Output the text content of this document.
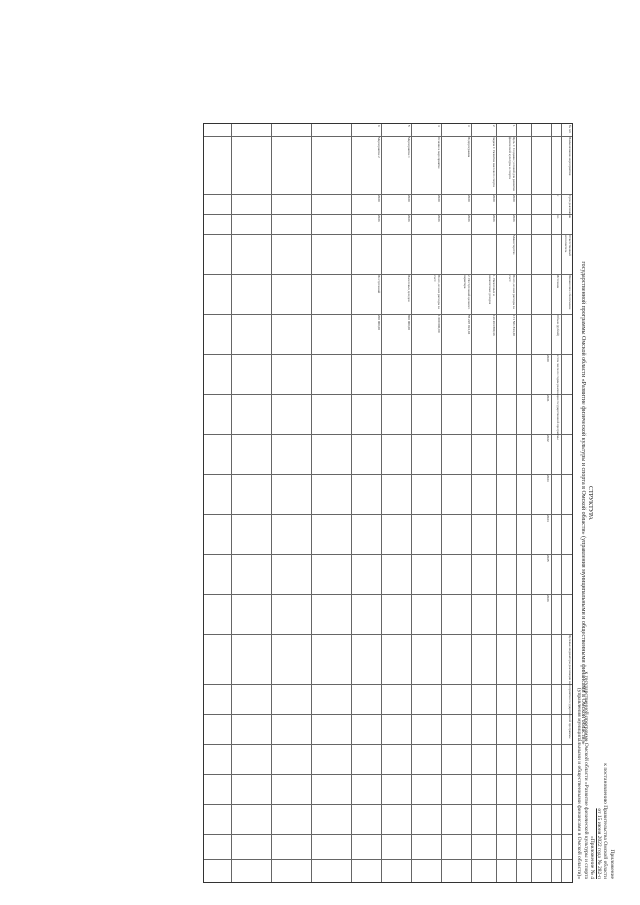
Приложение
к постановлению Правительства Омской области
от 15 июня 2022 года № 282-п
«Приложение № 4
к государственной программе Омской области «Развитие физической культуры и спорта
(управления муниципальными и общественными финансами в Омской области)»
СТРУКТУРА
государственной программы Омской области «Развитие физической культуры и спорта в Омской области» (управления муниципальными и общественными финансами в Омской области)»
№ п/п
Наименование мероприятия
Срок реализации
Ответственный исполнитель
Финансовое обеспечение
Целевые индикаторы реализации мероприятия государственной программы
с
по
Источник
Объем (рублей)
в том числе по годам реализации государственной программы
2020
2021
2022
2023
2024
2025
2026
1
Цель 1: Создание условий для развития физической культуры и спорта
2020
2026
Министерство
Всего, из них расходы за счет:
171 561 834,40
2
Задача 1: Развитие массового спорта
2020
2026
1. Налоговых и неналоговых доходов
116 264 800,36
3
Подпрограмма
2020
2026
2. Поступлений целевого характера
55 297 034,04
4
Основное мероприятие
2020
2026
Всего, из них расходы за счет:
1 000 000,00
5
Мероприятие 1
2020
2026
Налоговых доходов
800 000,00
6
Мероприятие 2
2020
2026
Поступлений
200 000,00
